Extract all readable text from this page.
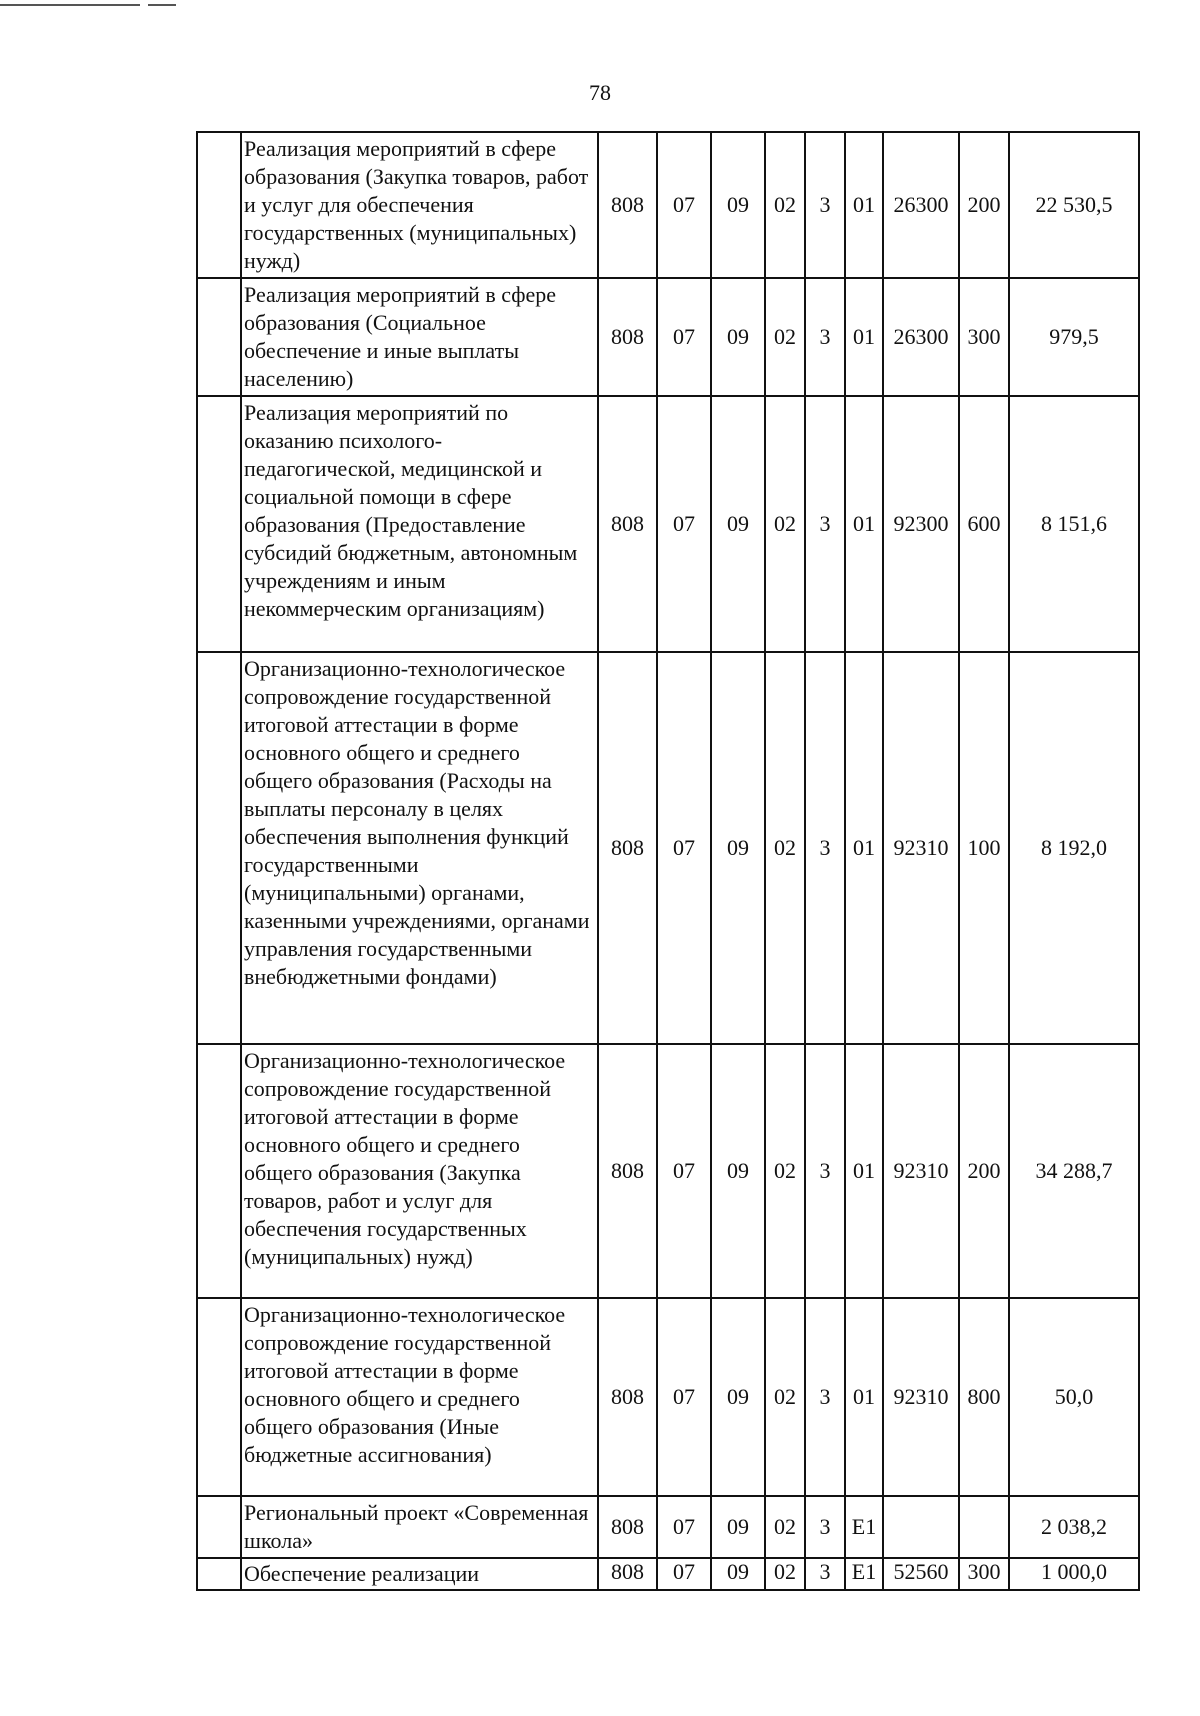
78
	Реализация мероприятий в сфере образования (Закупка товаров, работ и услуг для обеспечения государственных (муниципальных) нужд)	808	07	09	02	3	01	26300	200	22 530,5
	Реализация мероприятий в сфере образования (Социальное обеспечение и иные выплаты населению)	808	07	09	02	3	01	26300	300	979,5
	Реализация мероприятий по оказанию психолого-педагогической, медицинской и социальной помощи в сфере образования (Предоставление субсидий бюджетным, автономным учреждениям и иным некоммерческим организациям)	808	07	09	02	3	01	92300	600	8 151,6
	Организационно-технологическое сопровождение государственной итоговой аттестации в форме основного общего и среднего общего образования (Расходы на выплаты персоналу в целях обеспечения выполнения функций государственными (муниципальными) органами, казенными учреждениями, органами управления государственными внебюджетными фондами)	808	07	09	02	3	01	92310	100	8 192,0
	Организационно-технологическое сопровождение государственной итоговой аттестации в форме основного общего и среднего общего образования (Закупка товаров, работ и услуг для обеспечения государственных (муниципальных) нужд)	808	07	09	02	3	01	92310	200	34 288,7
	Организационно-технологическое сопровождение государственной итоговой аттестации в форме основного общего и среднего общего образования (Иные бюджетные ассигнования)	808	07	09	02	3	01	92310	800	50,0
	Региональный проект «Современная школа»	808	07	09	02	3	E1			2 038,2
	Обеспечение реализации	808	07	09	02	3	E1	52560	300	1 000,0
